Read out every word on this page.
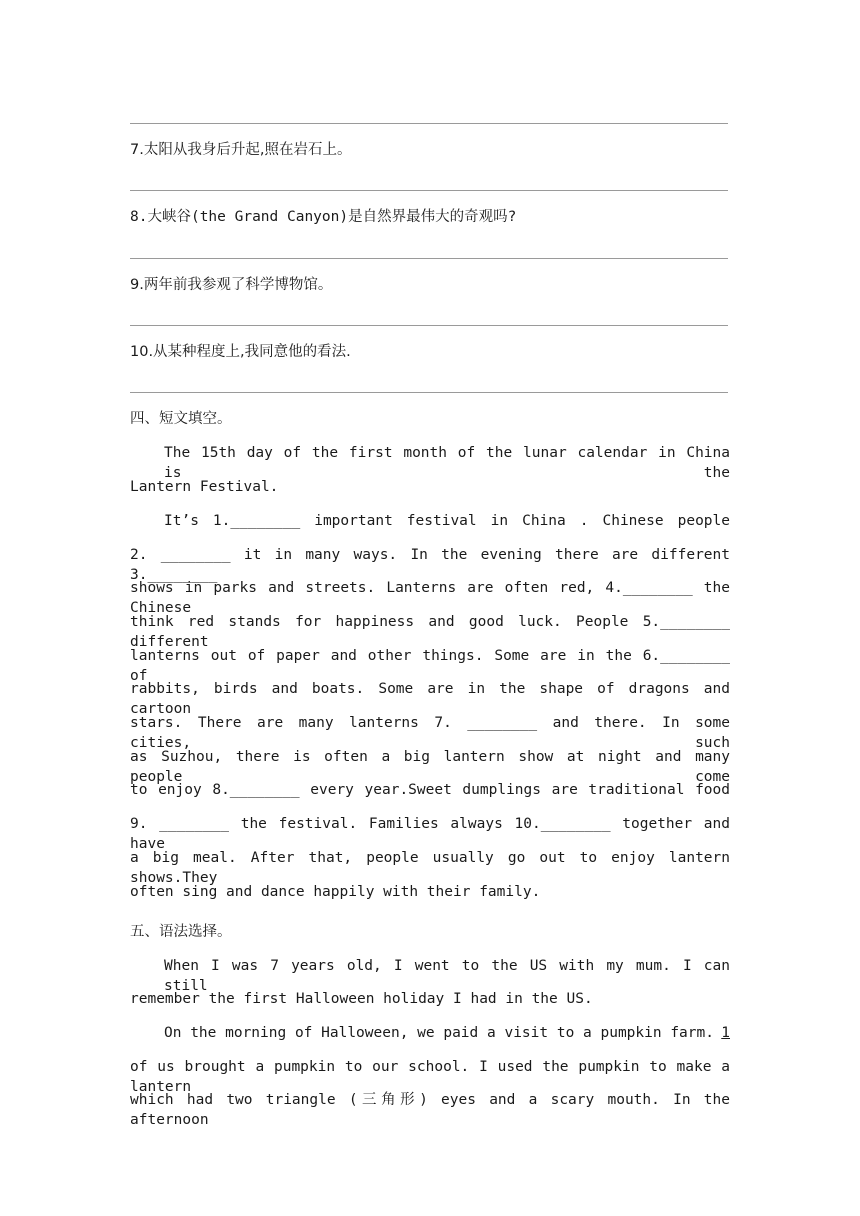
7.太阳从我身后升起,照在岩石上。
8.大峡谷(the Grand Canyon)是自然界最伟大的奇观吗?
9.两年前我参观了科学博物馆。
10.从某种程度上,我同意他的看法.
四、短文填空。
The 15th day of the first month of the lunar calendar in China is the
Lantern Festival.
It’s 1.________ important festival in China . Chinese people
2. ________ it in many ways. In the evening there are different 3.________
shows in parks and streets. Lanterns are often red, 4.________ the Chinese
think red stands for happiness and good luck. People 5.________ different
lanterns out of paper and other things. Some are in the 6.________ of
rabbits, birds and boats. Some are in the shape of dragons and cartoon
stars. There are many lanterns 7. ________ and there. In some cities, such
as Suzhou, there is often a big lantern show at night and many people come
to enjoy 8.________ every year.Sweet dumplings are traditional food
9. ________ the festival. Families always 10.________ together and have
a big meal. After that, people usually go out to enjoy lantern shows.They
often sing and dance happily with their family.
五、语法选择。
When I was 7 years old, I went to the US with my mum. I can still
remember the first Halloween holiday I had in the US.
On the morning of Halloween, we paid a visit to a pumpkin farm. 1
of us brought a pumpkin to our school. I used the pumpkin to make a lantern
which had two triangle (三角形) eyes and a scary mouth. In the afternoon
